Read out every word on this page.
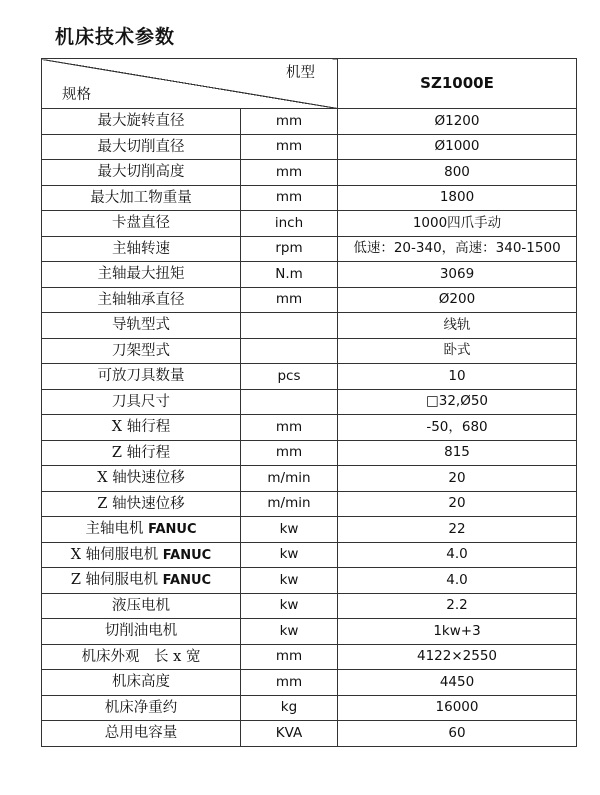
机床技术参数
机型
规格		SZ1000E
最大旋转直径	mm	Ø1200
最大切削直径	mm	Ø1000
最大切削高度	mm	800
最大加工物重量	mm	1800
卡盘直径	inch	1000四爪手动
主轴转速	rpm	低速：20-340，高速：340-1500
主轴最大扭矩	N.m	3069
主轴轴承直径	mm	Ø200
导轨型式		线轨
刀架型式		卧式
可放刀具数量	pcs	10
刀具尺寸		□32,Ø50
X 轴行程	mm	-50，680
Z 轴行程	mm	815
X 轴快速位移	m/min	20
Z 轴快速位移	m/min	20
主轴电机 FANUC	kw	22
X 轴伺服电机 FANUC	kw	4.0
Z 轴伺服电机 FANUC	kw	4.0
液压电机	kw	2.2
切削油电机	kw	1kw+3
机床外观　长 x 宽	mm	4122×2550
机床高度	mm	4450
机床净重约	kg	16000
总用电容量	KVA	60
